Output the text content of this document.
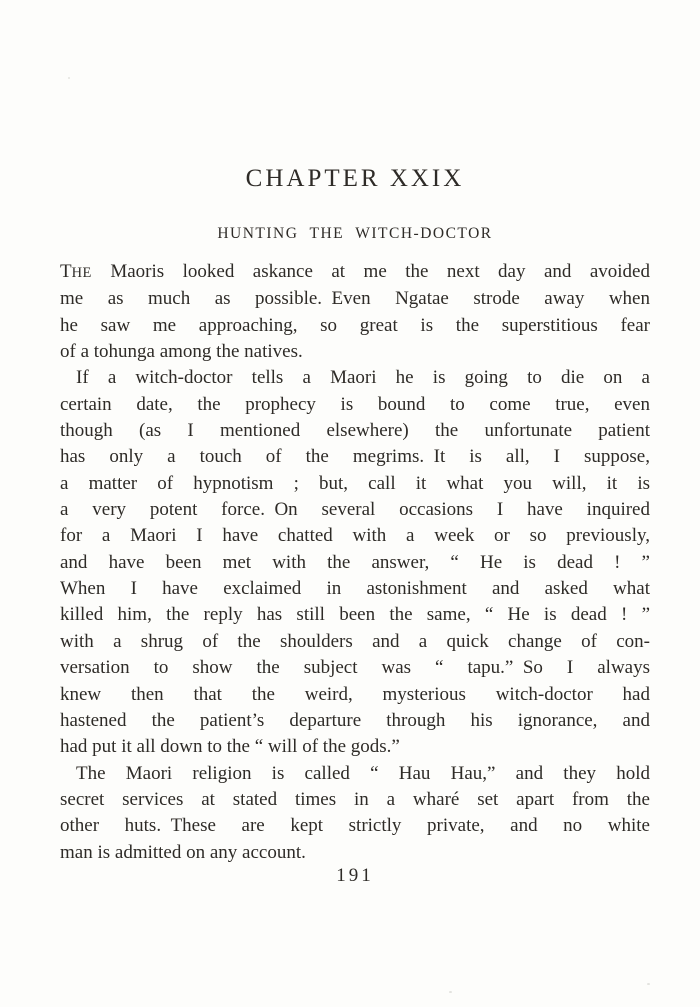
CHAPTER XXIX
HUNTING THE WITCH-DOCTOR
THE Maoris looked askance at me the next day and avoided
me as much as possible. Even Ngatae strode away when
he saw me approaching, so great is the superstitious fear
of a tohunga among the natives.
If a witch-doctor tells a Maori he is going to die on a
certain date, the prophecy is bound to come true, even
though (as I mentioned elsewhere) the unfortunate patient
has only a touch of the megrims. It is all, I suppose,
a matter of hypnotism ; but, call it what you will, it is
a very potent force. On several occasions I have inquired
for a Maori I have chatted with a week or so previously,
and have been met with the answer, “ He is dead ! ”
When I have exclaimed in astonishment and asked what
killed him, the reply has still been the same, “ He is dead ! ”
with a shrug of the shoulders and a quick change of con-
versation to show the subject was “ tapu.” So I always
knew then that the weird, mysterious witch-doctor had
hastened the patient’s departure through his ignorance, and
had put it all down to the “ will of the gods.”
The Maori religion is called “ Hau Hau,” and they hold
secret services at stated times in a wharé set apart from the
other huts. These are kept strictly private, and no white
man is admitted on any account.
191
